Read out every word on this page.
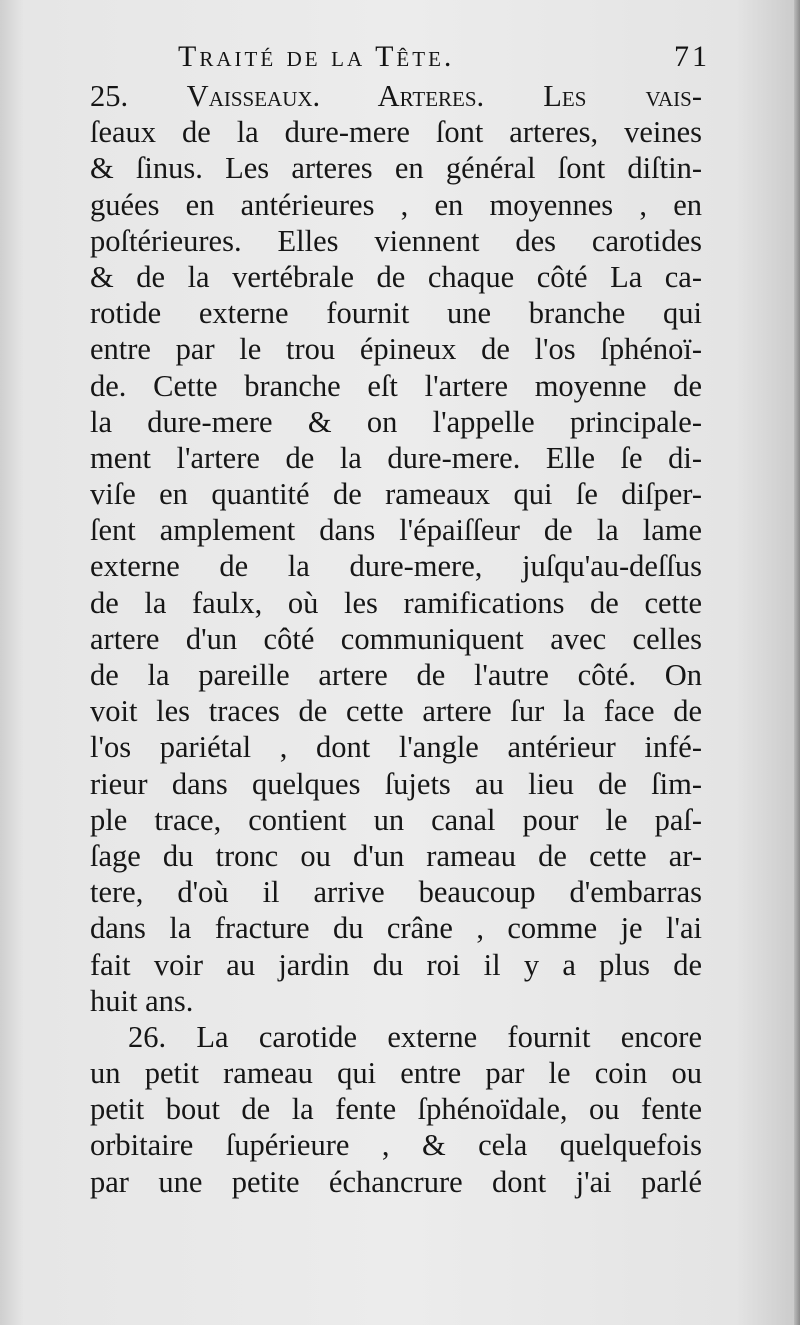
Traité de la Tête.	71
25. Vaisseaux. Arteres. Les vaiſ-
ſeaux de la dure-mere ſont arteres, veines
& ſinus. Les arteres en général ſont diſtin-
guées en antérieures , en moyennes , en
poſtérieures. Elles viennent des carotides
& de la vertébrale de chaque côté La ca-
rotide externe fournit une branche qui
entre par le trou épineux de l'os ſphénoï-
de. Cette branche eſt l'artere moyenne de
la dure-mere & on l'appelle principale-
ment l'artere de la dure-mere. Elle ſe di-
viſe en quantité de rameaux qui ſe diſper-
ſent amplement dans l'épaiſſeur de la lame
externe de la dure-mere, juſqu'au-deſſus
de la faulx, où les ramifications de cette
artere d'un côté communiquent avec celles
de la pareille artere de l'autre côté. On
voit les traces de cette artere ſur la face de
l'os pariétal , dont l'angle antérieur infé-
rieur dans quelques ſujets au lieu de ſim-
ple trace, contient un canal pour le paſ-
ſage du tronc ou d'un rameau de cette ar-
tere, d'où il arrive beaucoup d'embarras
dans la fracture du crâne , comme je l'ai
fait voir au jardin du roi il y a plus de
huit ans.
26. La carotide externe fournit encore
un petit rameau qui entre par le coin ou
petit bout de la fente ſphénoïdale, ou fente
orbitaire ſupérieure , & cela quelquefois
par une petite échancrure dont j'ai parlé
